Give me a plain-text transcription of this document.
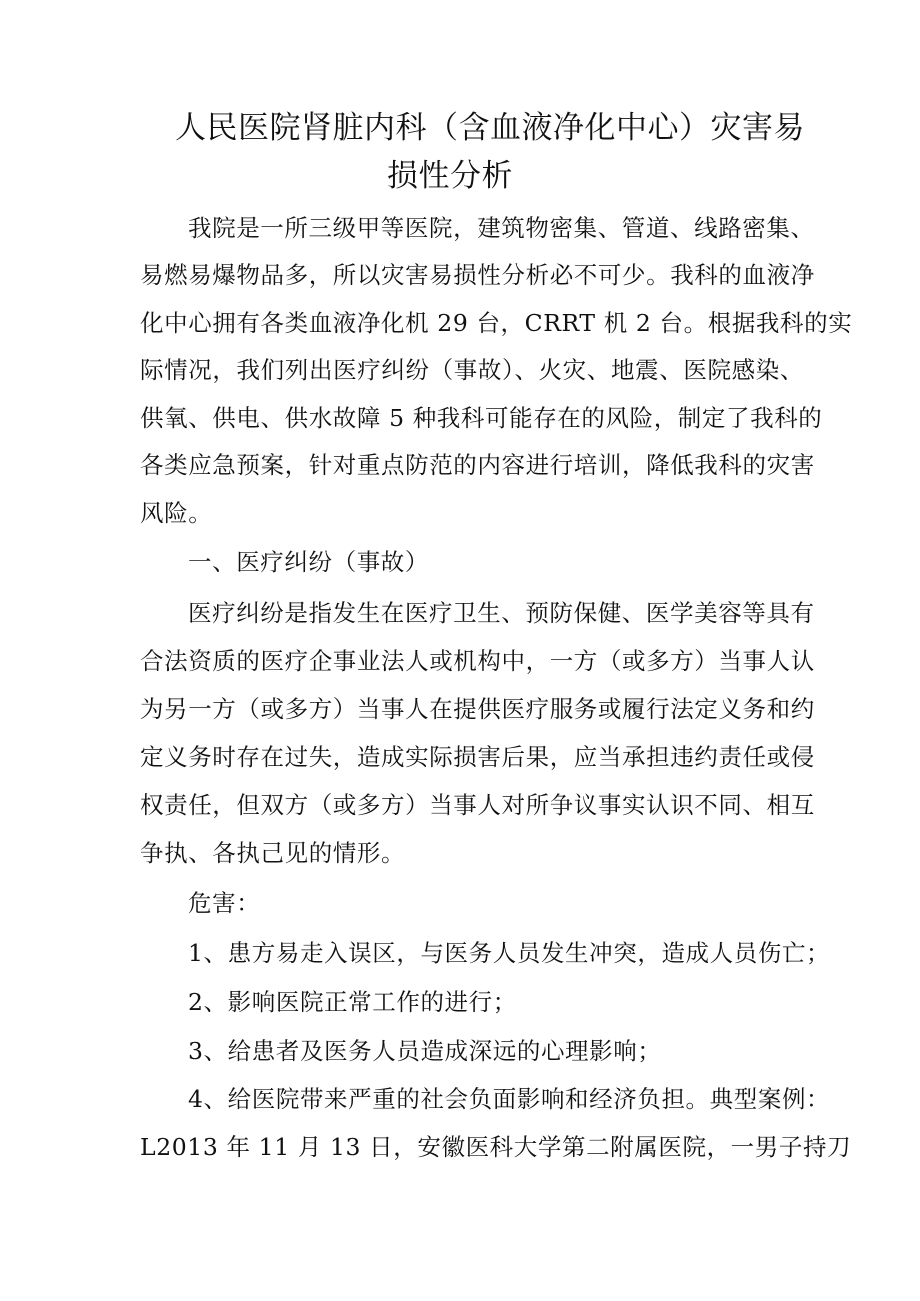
人民医院肾脏内科（含血液净化中心）灾害易
损性分析
我院是一所三级甲等医院，建筑物密集、管道、线路密集、
易燃易爆物品多，所以灾害易损性分析必不可少。我科的血液净
化中心拥有各类血液净化机 29 台，CRRT 机 2 台。根据我科的实
际情况，我们列出医疗纠纷（事故）、火灾、地震、医院感染、
供氧、供电、供水故障 5 种我科可能存在的风险，制定了我科的
各类应急预案，针对重点防范的内容进行培训，降低我科的灾害
风险。
一、医疗纠纷（事故）
医疗纠纷是指发生在医疗卫生、预防保健、医学美容等具有
合法资质的医疗企事业法人或机构中，一方（或多方）当事人认
为另一方（或多方）当事人在提供医疗服务或履行法定义务和约
定义务时存在过失，造成实际损害后果，应当承担违约责任或侵
权责任，但双方（或多方）当事人对所争议事实认识不同、相互
争执、各执己见的情形。
危害：
1、患方易走入误区，与医务人员发生冲突，造成人员伤亡；
2、影响医院正常工作的进行；
3、给患者及医务人员造成深远的心理影响；
4、给医院带来严重的社会负面影响和经济负担。典型案例：
L2013 年 11 月 13 日，安徽医科大学第二附属医院，一男子持刀
